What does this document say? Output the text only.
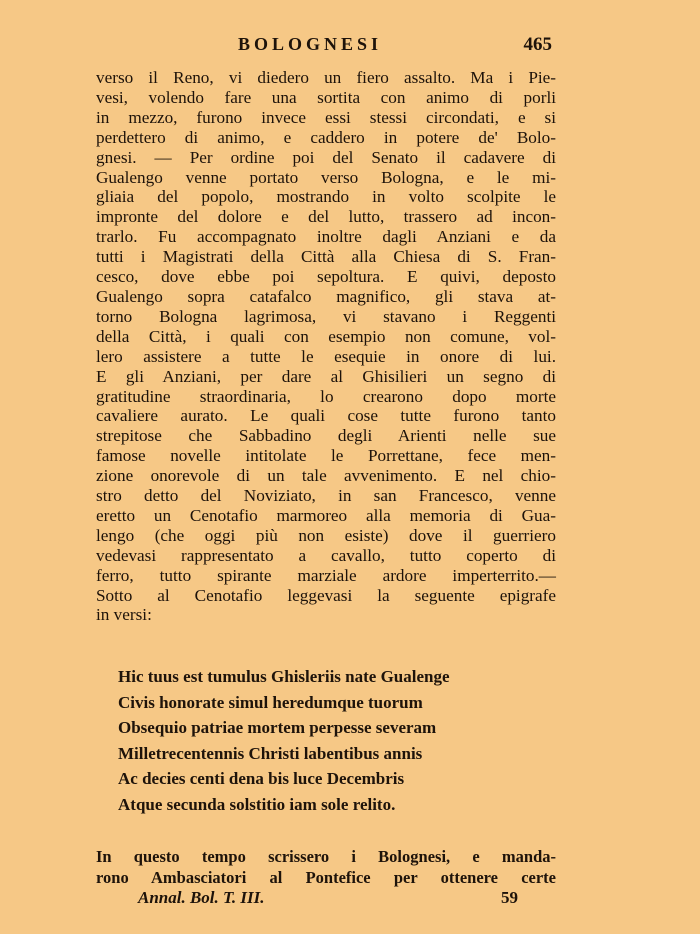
BOLOGNESI	465
verso il Reno, vi diedero un fiero assalto. Ma i Pie-
vesi, volendo fare una sortita con animo di porli
in mezzo, furono invece essi stessi circondati, e si
perdettero di animo, e caddero in potere de' Bolo-
gnesi. — Per ordine poi del Senato il cadavere di
Gualengo venne portato verso Bologna, e le mi-
gliaia del popolo, mostrando in volto scolpite le
impronte del dolore e del lutto, trassero ad incon-
trarlo. Fu accompagnato inoltre dagli Anziani e da
tutti i Magistrati della Città alla Chiesa di S. Fran-
cesco, dove ebbe poi sepoltura. E quivi, deposto
Gualengo sopra catafalco magnifico, gli stava at-
torno Bologna lagrimosa, vi stavano i Reggenti
della Città, i quali con esempio non comune, vol-
lero assistere a tutte le esequie in onore di lui.
E gli Anziani, per dare al Ghisilieri un segno di
gratitudine straordinaria, lo crearono dopo morte
cavaliere aurato. Le quali cose tutte furono tanto
strepitose che Sabbadino degli Arienti nelle sue
famose novelle intitolate le Porrettane, fece men-
zione onorevole di un tale avvenimento. E nel chio-
stro detto del Noviziato, in san Francesco, venne
eretto un Cenotafio marmoreo alla memoria di Gua-
lengo (che oggi più non esiste) dove il guerriero
vedevasi rappresentato a cavallo, tutto coperto di
ferro, tutto spirante marziale ardore imperterrito.—
Sotto al Cenotafio leggevasi la seguente epigrafe
in versi:
Hic tuus est tumulus Ghisleriis nate Gualenge
Civis honorate simul heredumque tuorum
Obsequio patriae mortem perpesse severam
Milletrecentennis Christi labentibus annis
Ac decies centi dena bis luce Decembris
Atque secunda solstitio iam sole relito.
In questo tempo scrissero i Bolognesi, e manda-
rono Ambasciatori al Pontefice per ottenere certe
Annal. Bol. T. III.	59
